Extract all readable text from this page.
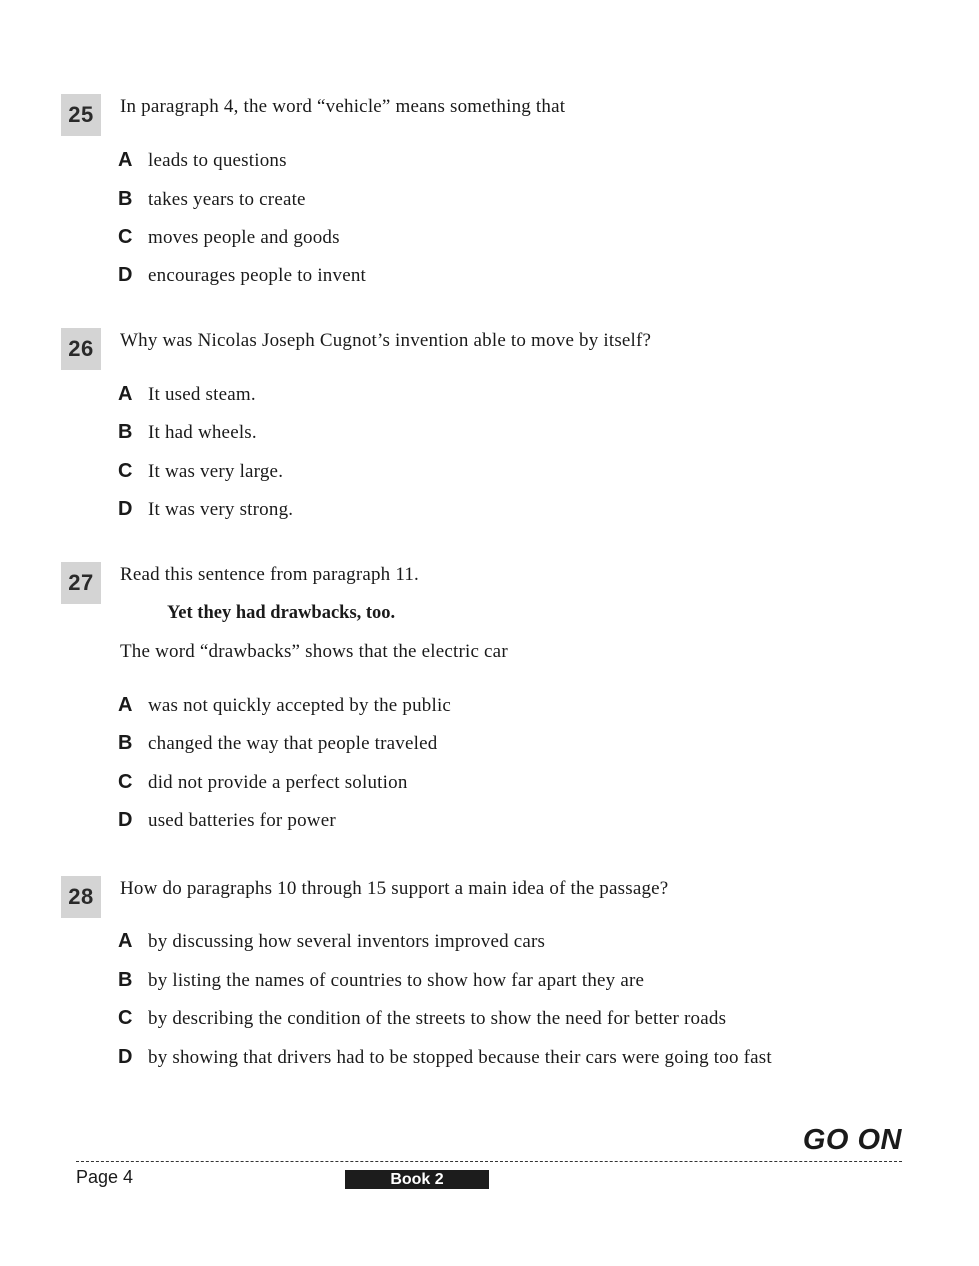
25	In paragraph 4, the word “vehicle” means something that
A leads to questions
B takes years to create
C moves people and goods
D encourages people to invent
26	Why was Nicolas Joseph Cugnot’s invention able to move by itself?
A It used steam.
B It had wheels.
C It was very large.
D It was very strong.
27	Read this sentence from paragraph 11.
Yet they had drawbacks, too.
The word “drawbacks” shows that the electric car
A was not quickly accepted by the public
B changed the way that people traveled
C did not provide a perfect solution
D used batteries for power
28	How do paragraphs 10 through 15 support a main idea of the passage?
A by discussing how several inventors improved cars
B by listing the names of countries to show how far apart they are
C by describing the condition of the streets to show the need for better roads
D by showing that drivers had to be stopped because their cars were going too fast
GO ON
Page 4	Book 2
